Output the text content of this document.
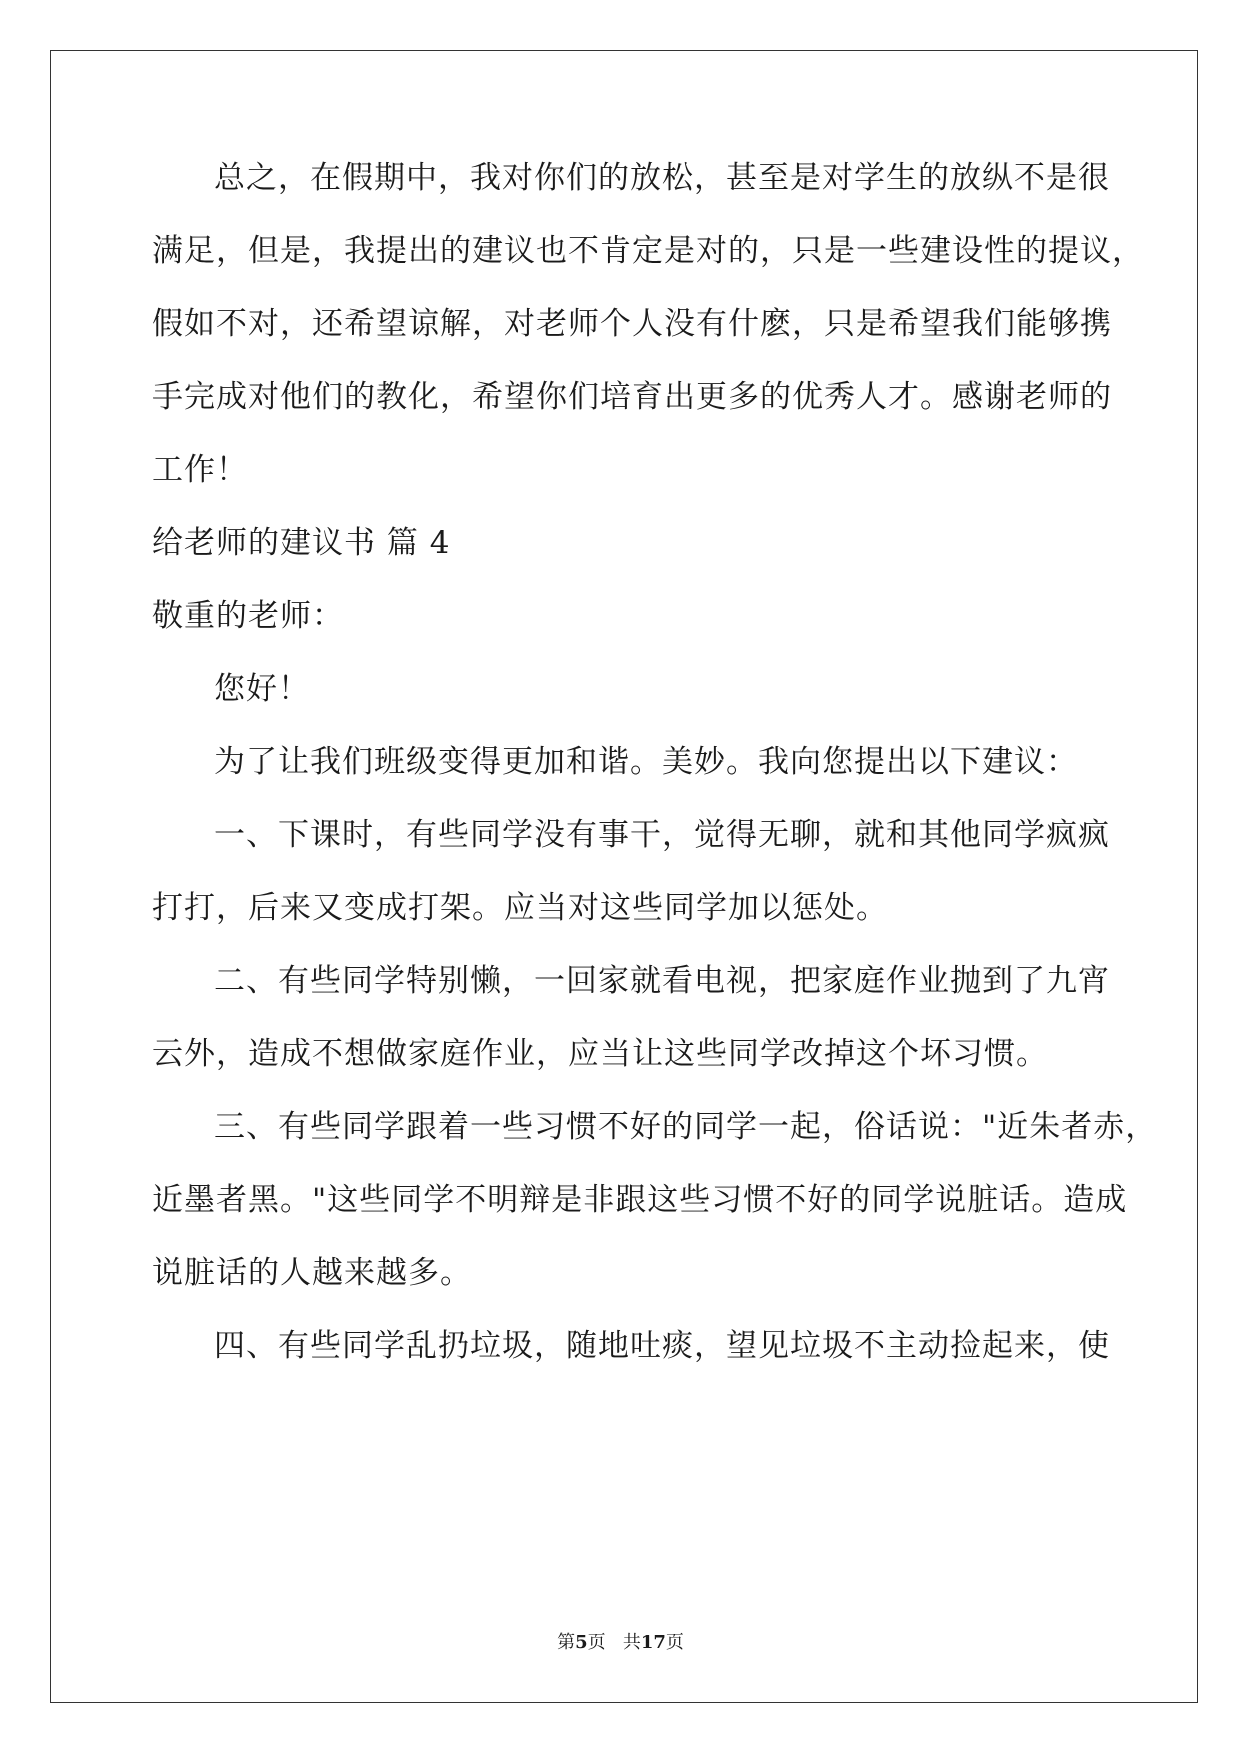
总之，在假期中，我对你们的放松，甚至是对学生的放纵不是很
满足，但是，我提出的建议也不肯定是对的，只是一些建设性的提议，
假如不对，还希望谅解，对老师个人没有什麽，只是希望我们能够携
手完成对他们的教化，希望你们培育出更多的优秀人才。感谢老师的
工作！
给老师的建议书 篇 4
敬重的老师：
您好！
为了让我们班级变得更加和谐。美妙。我向您提出以下建议：
一、下课时，有些同学没有事干，觉得无聊，就和其他同学疯疯
打打，后来又变成打架。应当对这些同学加以惩处。
二、有些同学特别懒，一回家就看电视，把家庭作业抛到了九宵
云外，造成不想做家庭作业，应当让这些同学改掉这个坏习惯。
三、有些同学跟着一些习惯不好的同学一起，俗话说："近朱者赤，
近墨者黑。"这些同学不明辩是非跟这些习惯不好的同学说脏话。造成
说脏话的人越来越多。
四、有些同学乱扔垃圾，随地吐痰，望见垃圾不主动捡起来，使
第5页 共17页
